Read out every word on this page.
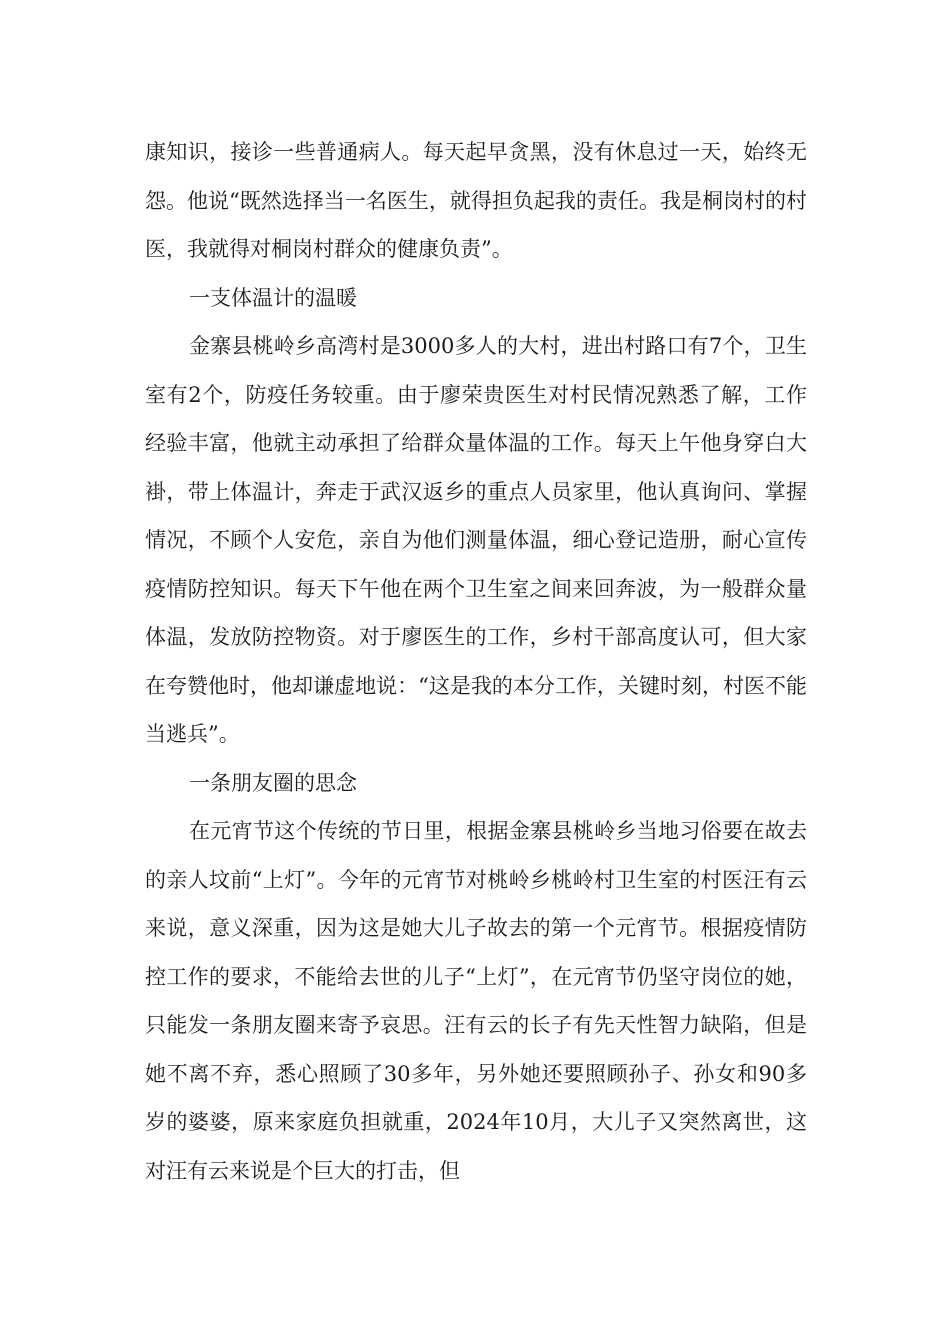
康知识，接诊一些普通病人。每天起早贪黑，没有休息过一天，始终无怨。他说“既然选择当一名医生，就得担负起我的责任。我是桐岗村的村医，我就得对桐岗村群众的健康负责”。

一支体温计的温暖

金寨县桃岭乡高湾村是3000多人的大村，进出村路口有7个，卫生室有2个，防疫任务较重。由于廖荣贵医生对村民情况熟悉了解，工作经验丰富，他就主动承担了给群众量体温的工作。每天上午他身穿白大褂，带上体温计，奔走于武汉返乡的重点人员家里，他认真询问、掌握情况，不顾个人安危，亲自为他们测量体温，细心登记造册，耐心宣传疫情防控知识。每天下午他在两个卫生室之间来回奔波，为一般群众量体温，发放防控物资。对于廖医生的工作，乡村干部高度认可，但大家在夸赞他时，他却谦虚地说：“这是我的本分工作，关键时刻，村医不能当逃兵”。

一条朋友圈的思念

在元宵节这个传统的节日里，根据金寨县桃岭乡当地习俗要在故去的亲人坟前“上灯”。今年的元宵节对桃岭乡桃岭村卫生室的村医汪有云来说，意义深重，因为这是她大儿子故去的第一个元宵节。根据疫情防控工作的要求，不能给去世的儿子“上灯”，在元宵节仍坚守岗位的她，只能发一条朋友圈来寄予哀思。汪有云的长子有先天性智力缺陷，但是她不离不弃，悉心照顾了30多年，另外她还要照顾孙子、孙女和90多岁的婆婆，原来家庭负担就重，2024年10月，大儿子又突然离世，这对汪有云来说是个巨大的打击，但
